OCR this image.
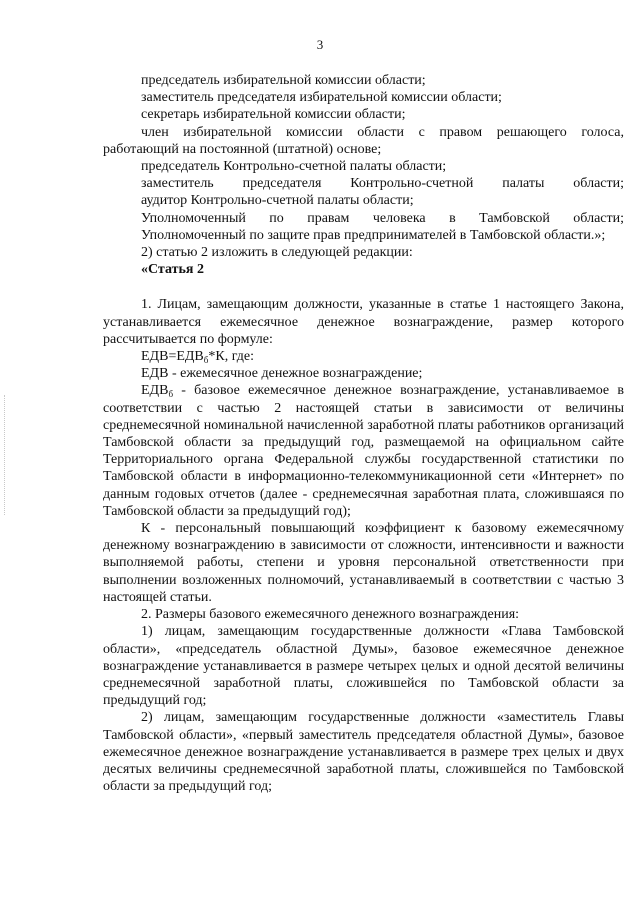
3

председатель избирательной комиссии области;

заместитель председателя избирательной комиссии области;

секретарь избирательной комиссии области;

член избирательной комиссии области с правом решающего голоса, работающий на постоянной (штатной) основе;

председатель Контрольно-счетной палаты области;

заместитель председателя Контрольно-счетной палаты области;

аудитор Контрольно-счетной палаты области;

Уполномоченный по правам человека в Тамбовской области;

Уполномоченный по защите прав предпринимателей в Тамбовской области.»;

2) статью 2 изложить в следующей редакции:

«Статья 2

1. Лицам, замещающим должности, указанные в статье 1 настоящего Закона, устанавливается ежемесячное денежное вознаграждение, размер которого рассчитывается по формуле:

$ЕДВ=ЕДВ_б*К$, где:

ЕДВ - ежемесячное денежное вознаграждение;

$ЕДВ_б$ - базовое ежемесячное денежное вознаграждение, устанавливаемое в соответствии с частью 2 настоящей статьи в зависимости от величины среднемесячной номинальной начисленной заработной платы работников организаций Тамбовской области за предыдущий год, размещаемой на официальном сайте Территориального органа Федеральной службы государственной статистики по Тамбовской области в информационно-телекоммуникационной сети «Интернет» по данным годовых отчетов (далее - среднемесячная заработная плата, сложившаяся по Тамбовской области за предыдущий год);

К - персональный повышающий коэффициент к базовому ежемесячному денежному вознаграждению в зависимости от сложности, интенсивности и важности выполняемой работы, степени и уровня персональной ответственности при выполнении возложенных полномочий, устанавливаемый в соответствии с частью 3 настоящей статьи.

2. Размеры базового ежемесячного денежного вознаграждения:

1) лицам, замещающим государственные должности «Глава Тамбовской области», «председатель областной Думы», базовое ежемесячное денежное вознаграждение устанавливается в размере четырех целых и одной десятой величины среднемесячной заработной платы, сложившейся по Тамбовской области за предыдущий год;

2) лицам, замещающим государственные должности «заместитель Главы Тамбовской области», «первый заместитель председателя областной Думы», базовое ежемесячное денежное вознаграждение устанавливается в размере трех целых и двух десятых величины среднемесячной заработной платы, сложившейся по Тамбовской области за предыдущий год;
